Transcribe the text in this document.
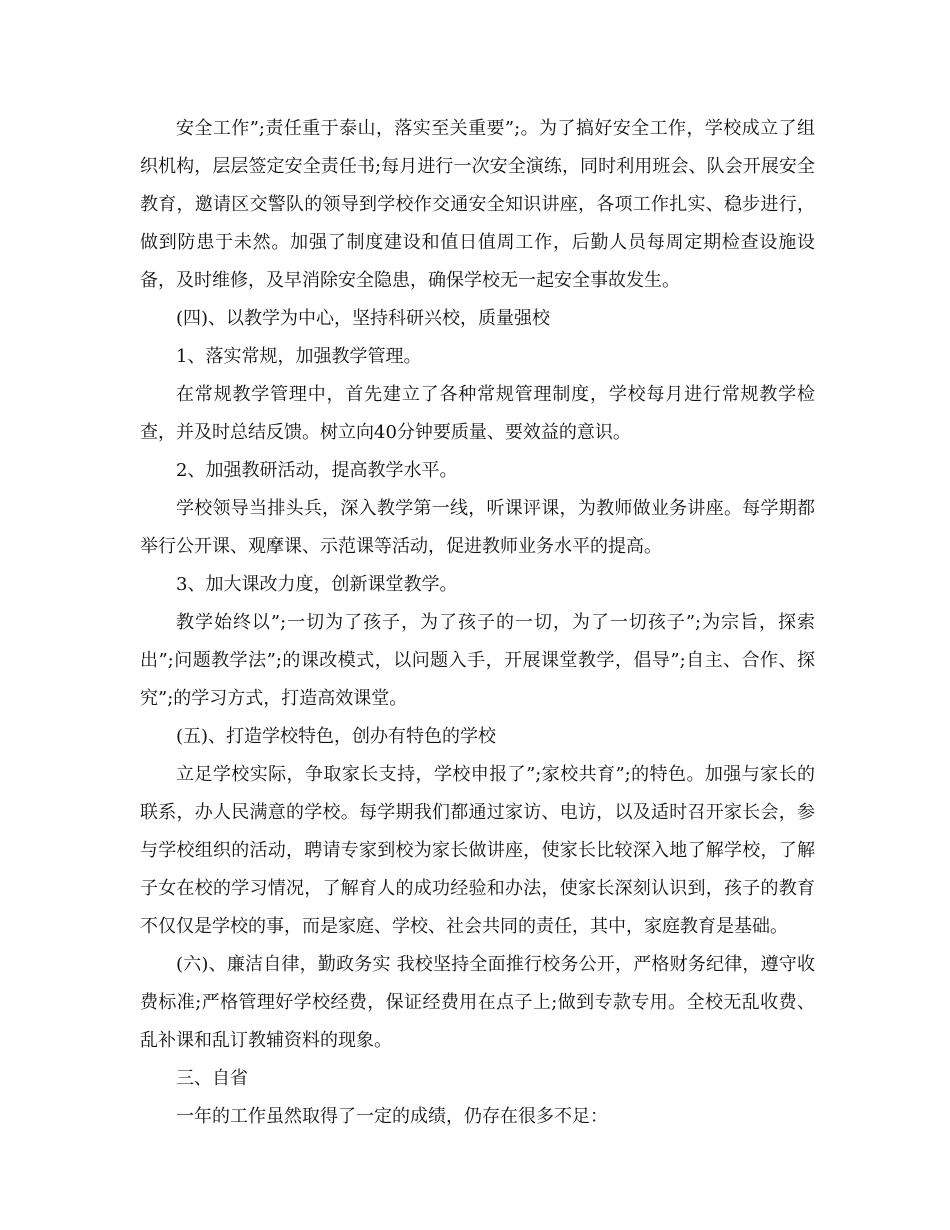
安全工作”;责任重于泰山，落实至关重要”;。为了搞好安全工作，学校成立了组织机构，层层签定安全责任书;每月进行一次安全演练，同时利用班会、队会开展安全教育，邀请区交警队的领导到学校作交通安全知识讲座，各项工作扎实、稳步进行，做到防患于未然。加强了制度建设和值日值周工作，后勤人员每周定期检查设施设备，及时维修，及早消除安全隐患，确保学校无一起安全事故发生。

(四)、以教学为中心，坚持科研兴校，质量强校

1、落实常规，加强教学管理。

在常规教学管理中，首先建立了各种常规管理制度，学校每月进行常规教学检查，并及时总结反馈。树立向40分钟要质量、要效益的意识。

2、加强教研活动，提高教学水平。

学校领导当排头兵，深入教学第一线，听课评课，为教师做业务讲座。每学期都举行公开课、观摩课、示范课等活动，促进教师业务水平的提高。

3、加大课改力度，创新课堂教学。

教学始终以”;一切为了孩子，为了孩子的一切，为了一切孩子”;为宗旨，探索出”;问题教学法”;的课改模式，以问题入手，开展课堂教学，倡导”;自主、合作、探究”;的学习方式，打造高效课堂。

(五)、打造学校特色，创办有特色的学校

立足学校实际，争取家长支持，学校申报了”;家校共育”;的特色。加强与家长的联系，办人民满意的学校。每学期我们都通过家访、电访，以及适时召开家长会，参与学校组织的活动，聘请专家到校为家长做讲座，使家长比较深入地了解学校，了解子女在校的学习情况，了解育人的成功经验和办法，使家长深刻认识到，孩子的教育不仅仅是学校的事，而是家庭、学校、社会共同的责任，其中，家庭教育是基础。

(六)、廉洁自律，勤政务实 我校坚持全面推行校务公开，严格财务纪律，遵守收费标准;严格管理好学校经费，保证经费用在点子上;做到专款专用。全校无乱收费、乱补课和乱订教辅资料的现象。

三、自省

一年的工作虽然取得了一定的成绩，仍存在很多不足：
